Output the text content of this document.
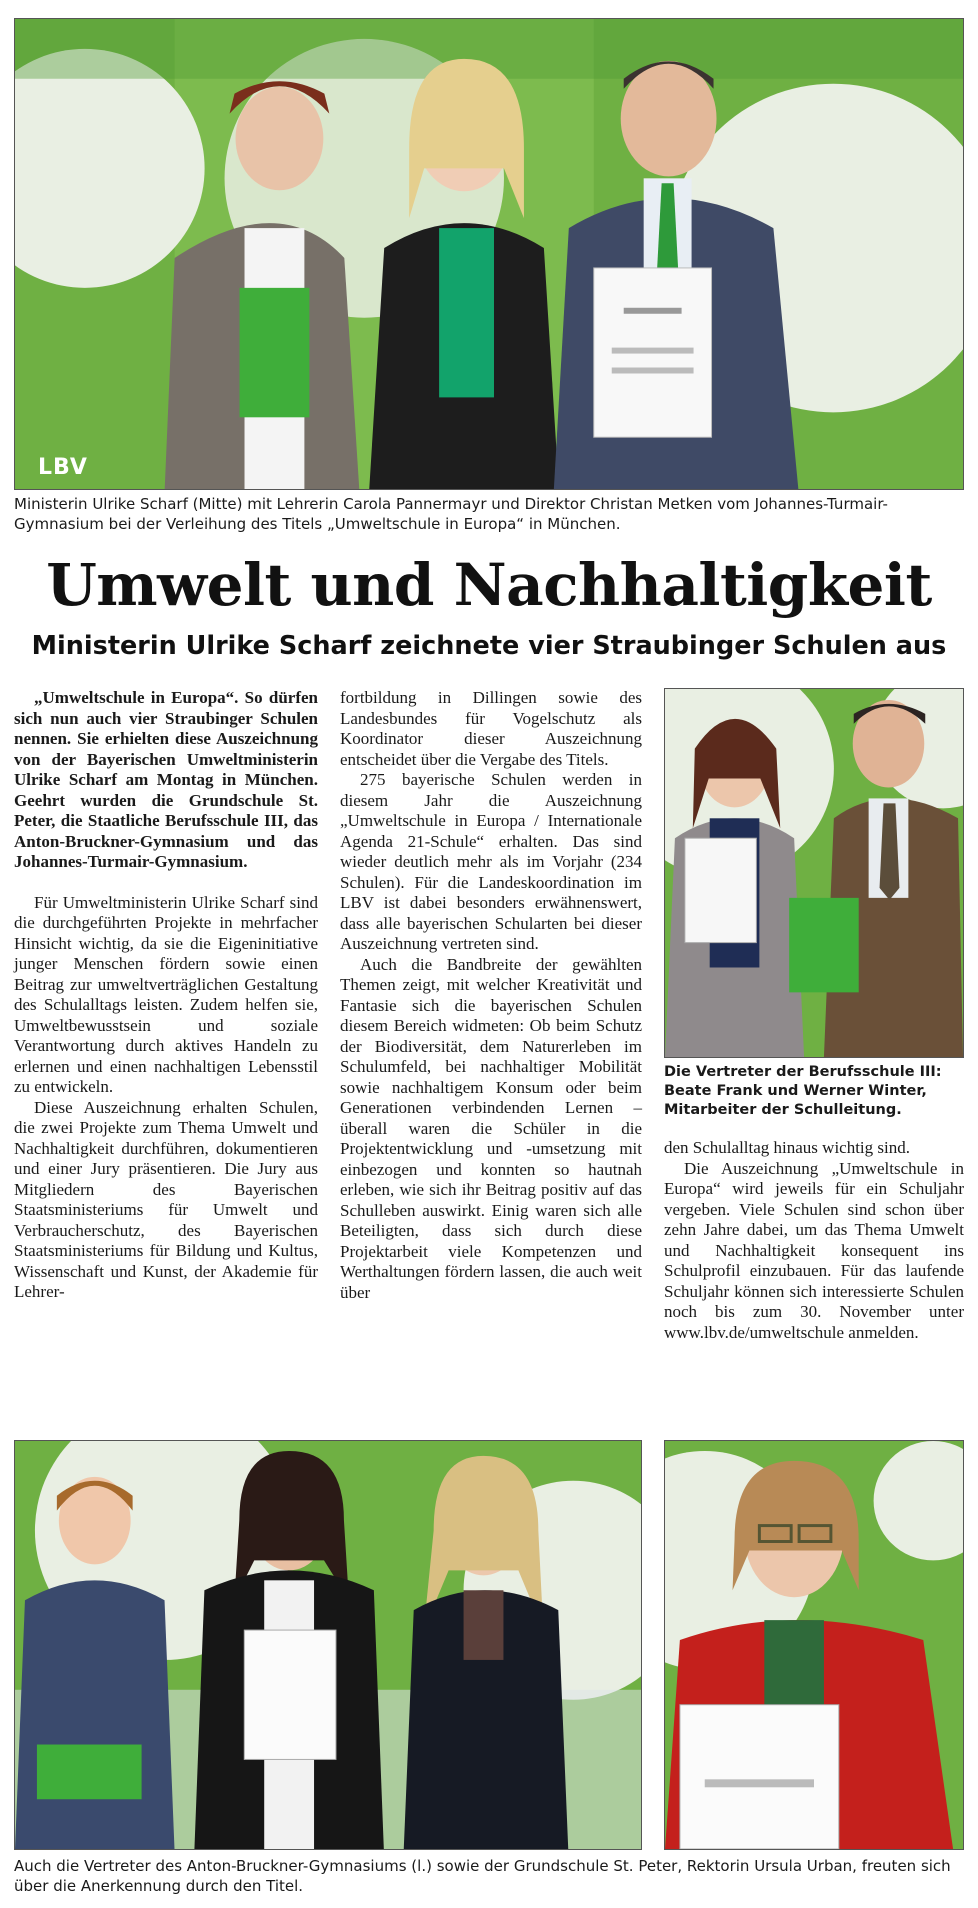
LBV
Ministerin Ulrike Scharf (Mitte) mit Lehrerin Carola Pannermayr und Direktor Christan Metken vom Johannes-Turmair-Gymnasium bei der Verleihung des Titels „Umweltschule in Europa“ in München.
Umwelt und Nachhaltigkeit
Ministerin Ulrike Scharf zeichnete vier Straubinger Schulen aus

„Umweltschule in Europa“. So dürfen sich nun auch vier Straubinger Schulen nennen. Sie erhielten diese Auszeichnung von der Bayerischen Umweltministerin Ulrike Scharf am Montag in München. Geehrt wurden die Grundschule St. Peter, die Staatliche Berufsschule III, das Anton-Bruckner-Gymnasium und das Johannes-Turmair-Gymnasium.

Für Umweltministerin Ulrike Scharf sind die durchgeführten Projekte in mehrfacher Hinsicht wichtig, da sie die Eigeninitiative junger Menschen fördern sowie einen Beitrag zur umweltverträglichen Gestaltung des Schulalltags leisten. Zudem helfen sie, Umweltbewusstsein und soziale Verantwortung durch aktives Handeln zu erlernen und einen nachhaltigen Lebensstil zu entwickeln.

Diese Auszeichnung erhalten Schulen, die zwei Projekte zum Thema Umwelt und Nachhaltigkeit durchführen, dokumentieren und einer Jury präsentieren. Die Jury aus Mitgliedern des Bayerischen Staatsministeriums für Umwelt und Verbraucherschutz, des Bayerischen Staatsministeriums für Bildung und Kultus, Wissenschaft und Kunst, der Akademie für Lehrer-

fortbildung in Dillingen sowie des Landesbundes für Vogelschutz als Koordinator dieser Auszeichnung entscheidet über die Vergabe des Titels.

275 bayerische Schulen werden in diesem Jahr die Auszeichnung „Umweltschule in Europa / Internationale Agenda 21-Schule“ erhalten. Das sind wieder deutlich mehr als im Vorjahr (234 Schulen). Für die Landeskoordination im LBV ist dabei besonders erwähnenswert, dass alle bayerischen Schularten bei dieser Auszeichnung vertreten sind.

Auch die Bandbreite der gewählten Themen zeigt, mit welcher Kreativität und Fantasie sich die bayerischen Schulen diesem Bereich widmeten: Ob beim Schutz der Biodiversität, dem Naturerleben im Schulumfeld, bei nachhaltiger Mobilität sowie nachhaltigem Konsum oder beim Generationen verbindenden Lernen – überall waren die Schüler in die Projektentwicklung und -umsetzung mit einbezogen und konnten so hautnah erleben, wie sich ihr Beitrag positiv auf das Schulleben auswirkt. Einig waren sich alle Beteiligten, dass sich durch diese Projektarbeit viele Kompetenzen und Werthaltungen fördern lassen, die auch weit über

Die Vertreter der Berufsschule III: Beate Frank und Werner Winter, Mitarbeiter der Schulleitung.

den Schulalltag hinaus wichtig sind.

Die Auszeichnung „Umweltschule in Europa“ wird jeweils für ein Schuljahr vergeben. Viele Schulen sind schon über zehn Jahre dabei, um das Thema Umwelt und Nachhaltigkeit konsequent ins Schulprofil einzubauen. Für das laufende Schuljahr können sich interessierte Schulen noch bis zum 30. November unter www.lbv.de/umweltschule anmelden.

Auch die Vertreter des Anton-Bruckner-Gymnasiums (l.) sowie der Grundschule St. Peter, Rektorin Ursula Urban, freuten sich über die Anerkennung durch den Titel.
